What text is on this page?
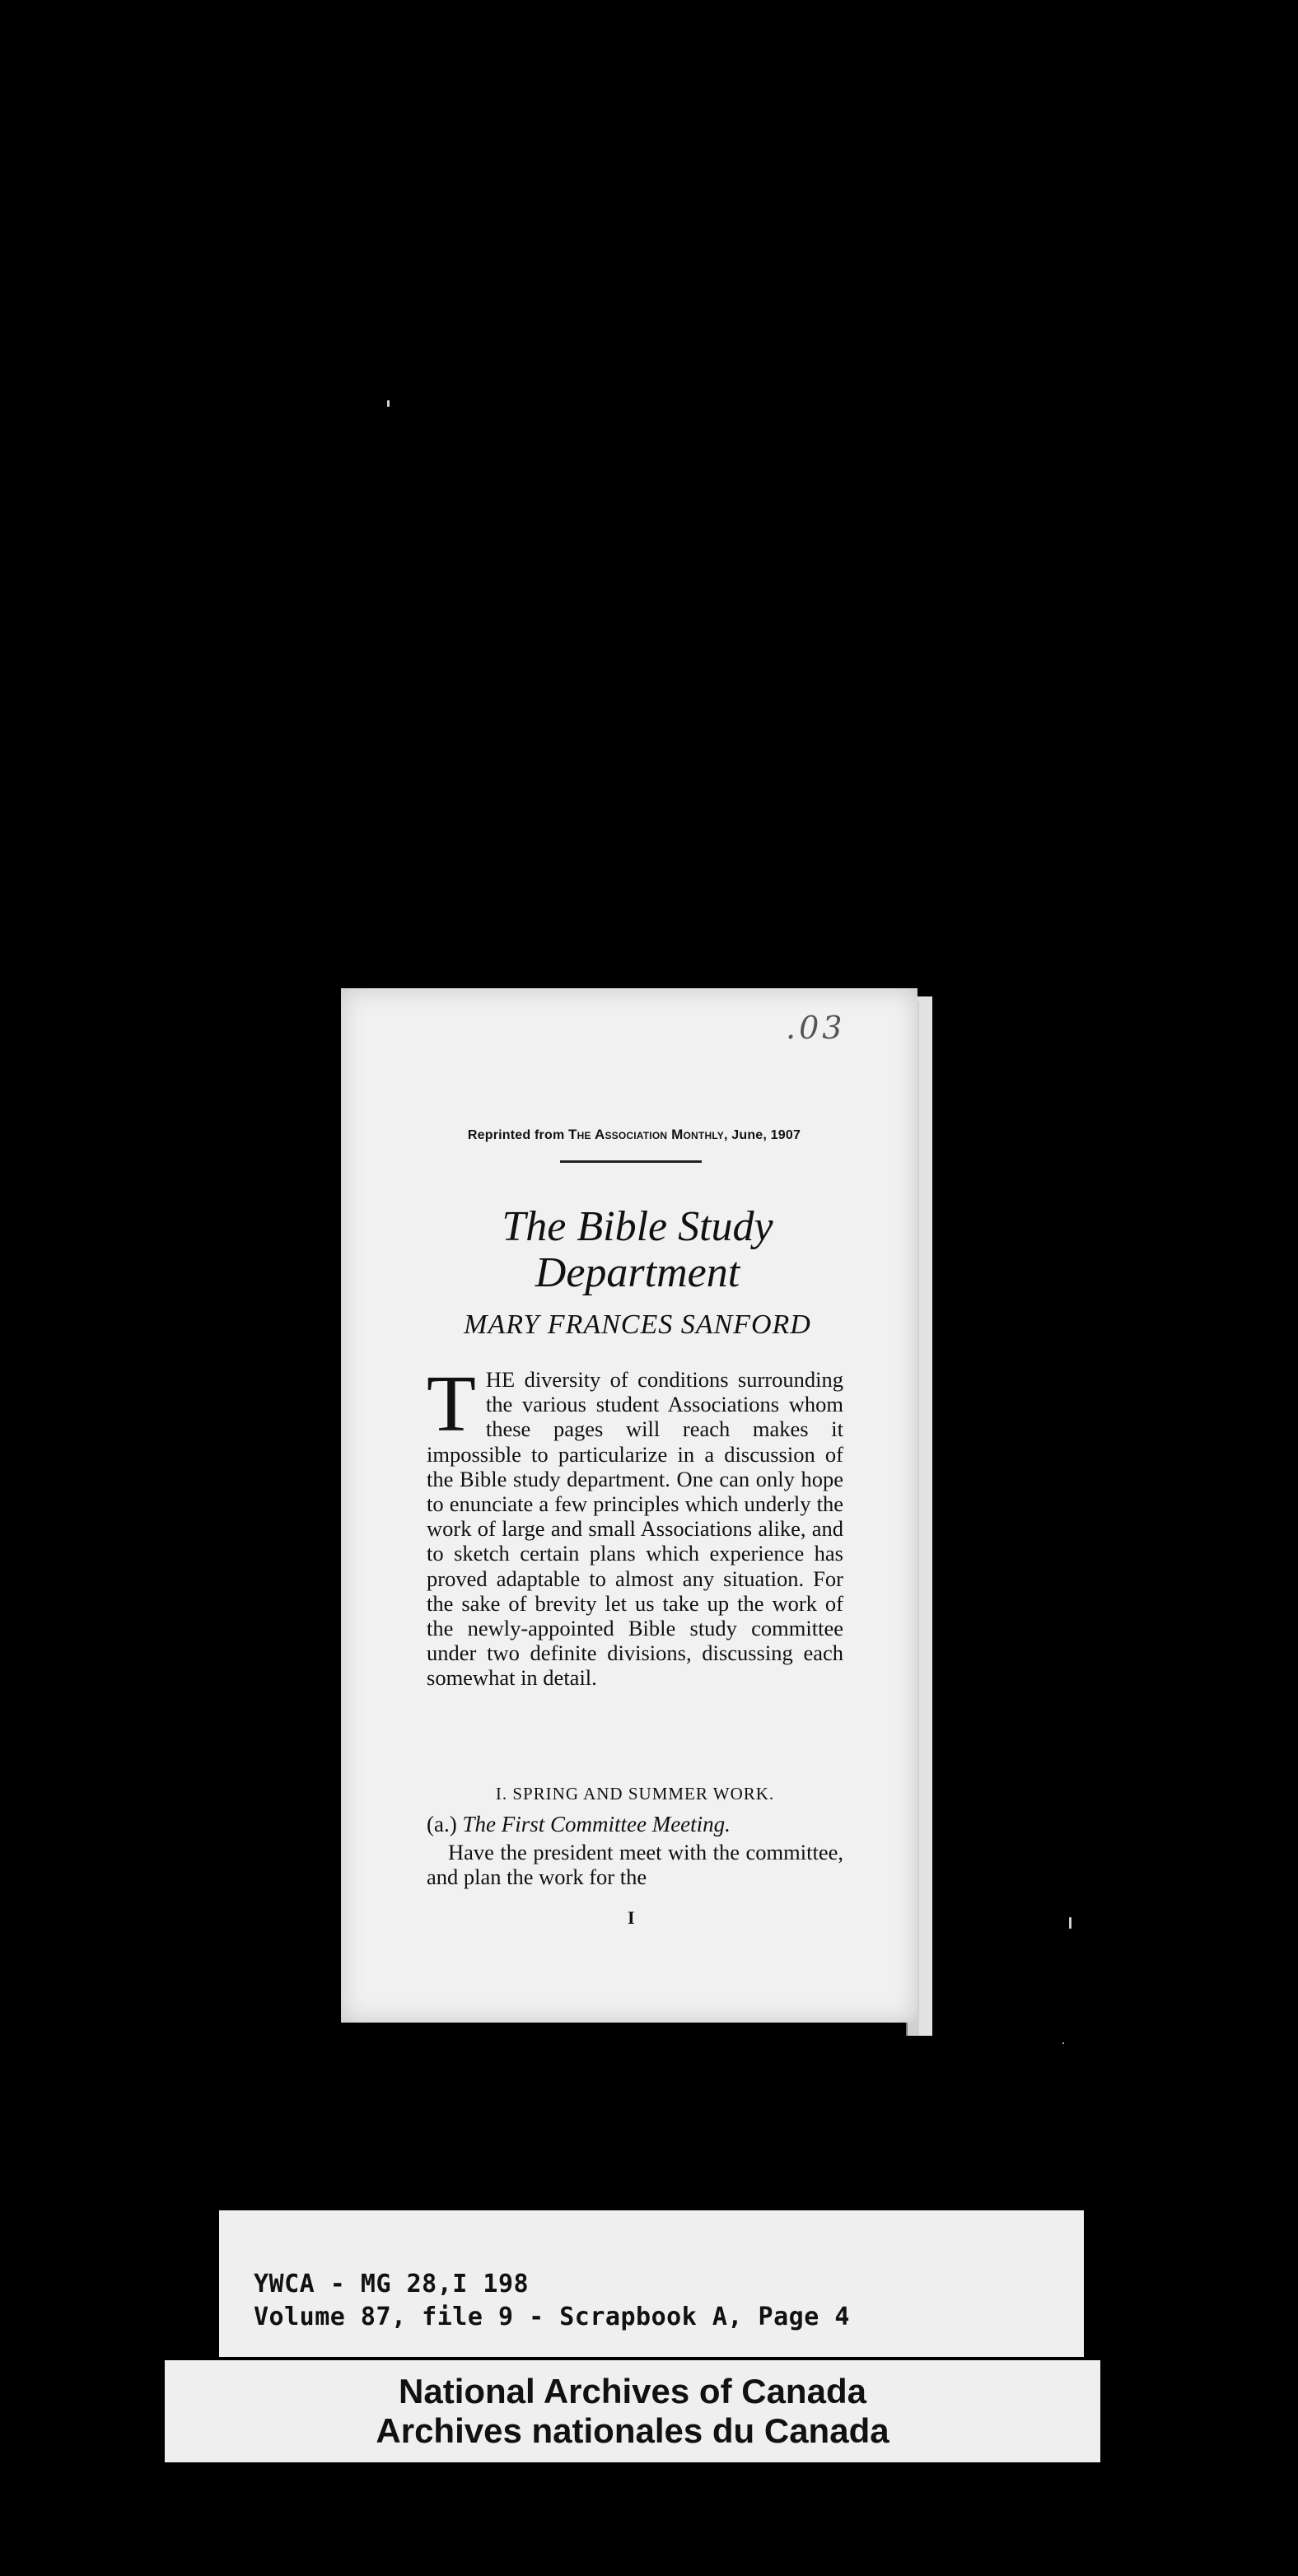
.03
Reprinted from The Association Monthly, June, 1907
The Bible Study
Department
MARY FRANCES SANFORD
THE diversity of conditions surrounding the various student Associations whom these pages will reach makes it impossible to particularize in a discussion of the Bible study department. One can only hope to enunciate a few principles which underly the work of large and small Associations alike, and to sketch certain plans which experience has proved adaptable to almost any situation. For the sake of brevity let us take up the work of the newly-appointed Bible study committee under two definite divisions, discussing each somewhat in detail.
I. SPRING AND SUMMER WORK.
(a.) The First Committee Meeting.
Have the president meet with the committee, and plan the work for the
I
YWCA - MG 28,I 198
Volume 87, file 9 - Scrapbook A, Page 4
National Archives of Canada
Archives nationales du Canada
